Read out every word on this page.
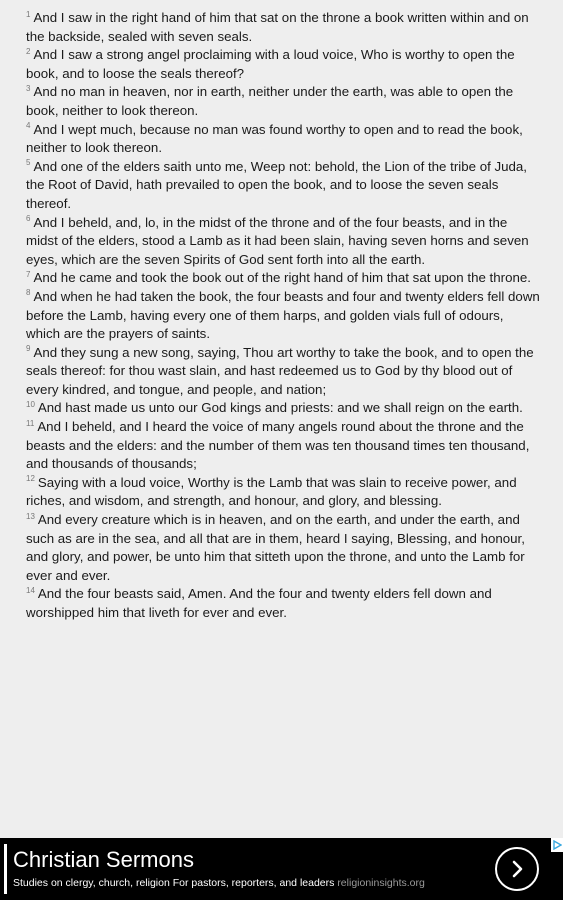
$^1$ And I saw in the right hand of him that sat on the throne a book written within and on the backside, sealed with seven seals.

$^2$ And I saw a strong angel proclaiming with a loud voice, Who is worthy to open the book, and to loose the seals thereof?

$^3$ And no man in heaven, nor in earth, neither under the earth, was able to open the book, neither to look thereon.

$^4$ And I wept much, because no man was found worthy to open and to read the book, neither to look thereon.

$^5$ And one of the elders saith unto me, Weep not: behold, the Lion of the tribe of Juda, the Root of David, hath prevailed to open the book, and to loose the seven seals thereof.

$^6$ And I beheld, and, lo, in the midst of the throne and of the four beasts, and in the midst of the elders, stood a Lamb as it had been slain, having seven horns and seven eyes, which are the seven Spirits of God sent forth into all the earth.

$^7$ And he came and took the book out of the right hand of him that sat upon the throne.

$^8$ And when he had taken the book, the four beasts and four and twenty elders fell down before the Lamb, having every one of them harps, and golden vials full of odours, which are the prayers of saints.

$^9$ And they sung a new song, saying, Thou art worthy to take the book, and to open the seals thereof: for thou wast slain, and hast redeemed us to God by thy blood out of every kindred, and tongue, and people, and nation;

$^{10}$ And hast made us unto our God kings and priests: and we shall reign on the earth.

$^{11}$ And I beheld, and I heard the voice of many angels round about the throne and the beasts and the elders: and the number of them was ten thousand times ten thousand, and thousands of thousands;

$^{12}$ Saying with a loud voice, Worthy is the Lamb that was slain to receive power, and riches, and wisdom, and strength, and honour, and glory, and blessing.

$^{13}$ And every creature which is in heaven, and on the earth, and under the earth, and such as are in the sea, and all that are in them, heard I saying, Blessing, and honour, and glory, and power, be unto him that sitteth upon the throne, and unto the Lamb for ever and ever.

$^{14}$ And the four beasts said, Amen. And the four and twenty elders fell down and worshipped him that liveth for ever and ever.

Christian Sermons
Studies on clergy, church, religion For pastors, reporters, and leaders religioninsights.org
